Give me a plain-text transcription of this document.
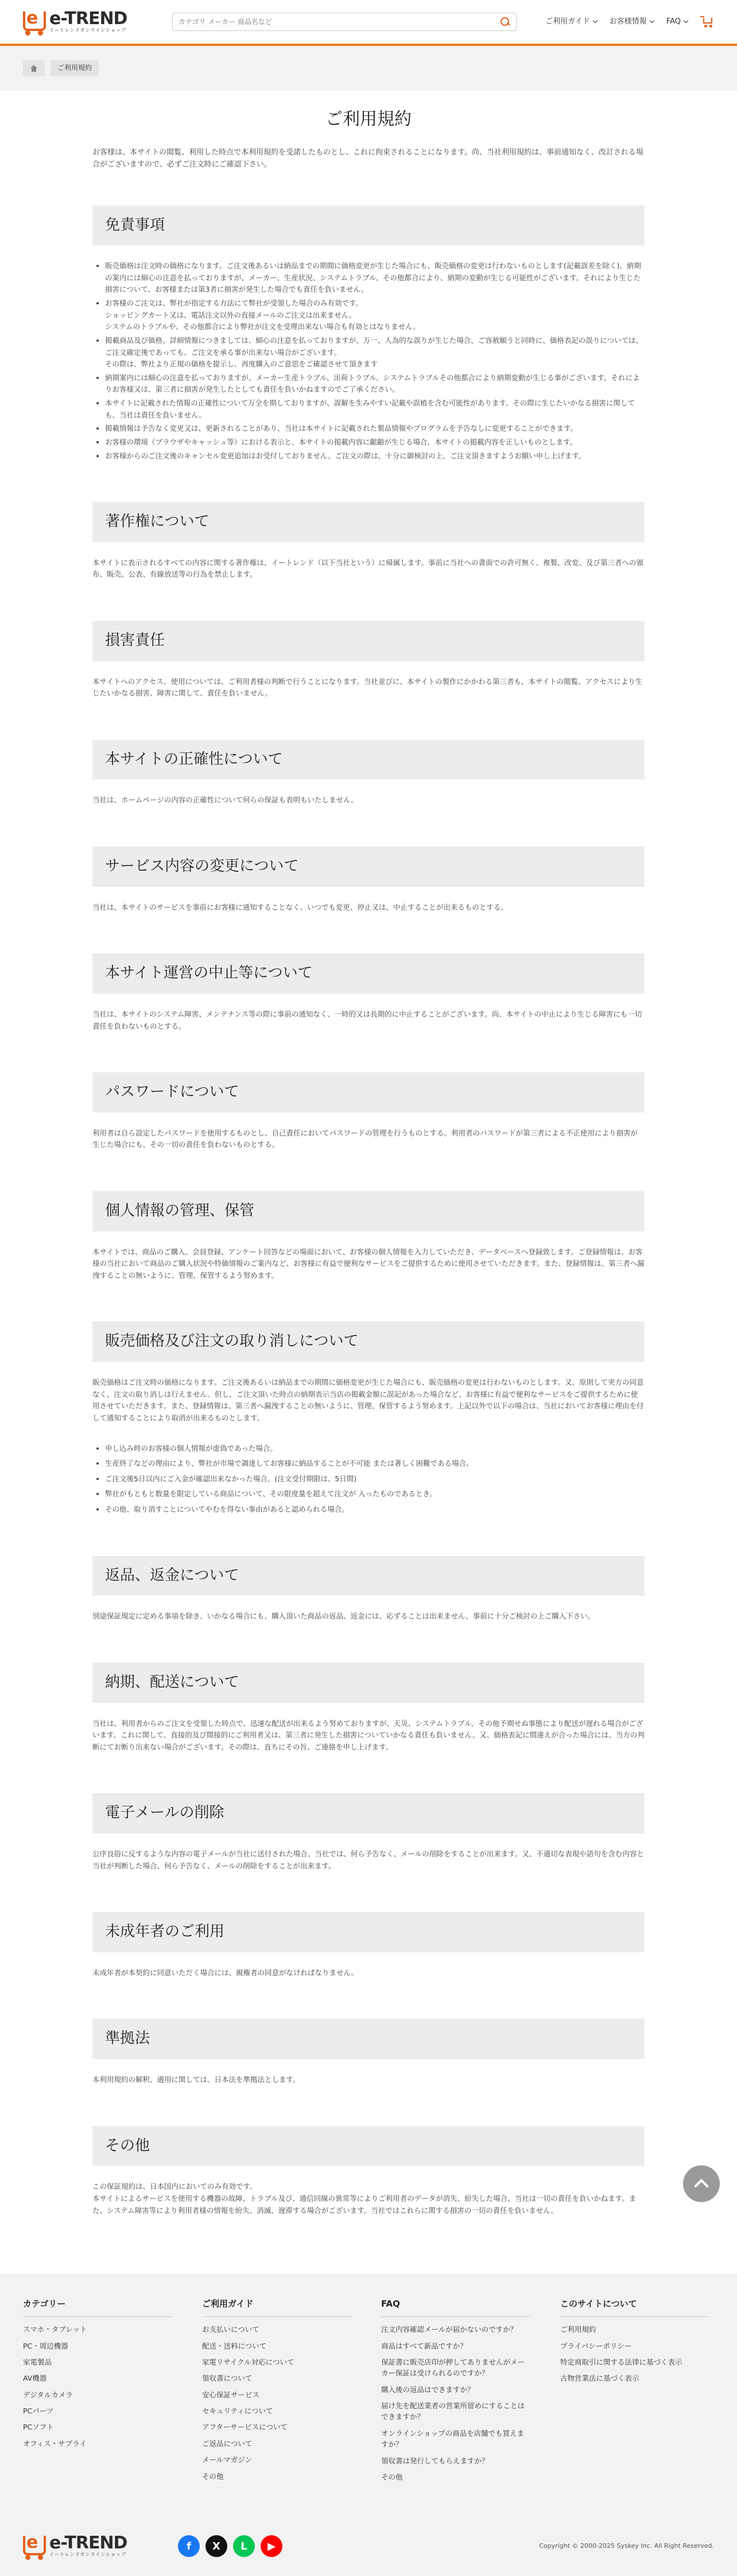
e e-TREND
イートレンドオンラインショップ
カテゴリ メーカー 商品名など
ご利用ガイド	お客様情報	FAQ
ご利用規約
ご利用規約

お客様は、本サイトの閲覧、利用した時点で本利用規約を受諾したものとし、これに拘束されることになります。尚、当社利用規約は、事前通知なく、改訂される場合がございますので、必ずご注文時にご確認下さい。

免責事項
• 販売価格は注文時の価格になります。ご注文後あるいは納品までの期間に価格変更が生じた場合にも、販売価格の変更は行わないものとします(記載誤差を除く)。納期の案内には細心の注意を払っておりますが、メーカー、生産状況、システムトラブル、その他都合により、納期の変動が生じる可能性がございます。それにより生じた損害について、お客様または第3者に損害が発生した場合でも責任を負いません。
• お客様のご注文は、弊社が指定する方法にて弊社が受領した場合のみ有効です。
ショッピングカート又は、電話注文以外の直接メールのご注文は出来ません。
システムのトラブルや、その他都合により弊社が注文を受理出来ない場合も有効とはなりません。
• 掲載商品及び価格、詳細情報につきましては、細心の注意を払っておりますが、万一、人為的な誤りが生じた場合、ご容赦願うと同時に、価格表記の誤りについては、ご注文確定後であっても、ご注文を承る事が出来ない場合がございます。
その際は、弊社より正規の価格を提示し、再度購入のご意思をご確認させて頂きます
• 納期案内には細心の注意を払っておりますが、メーカー生産トラブル、出荷トラブル、システムトラブルその他都合により納期変動が生じる事がございます。それによりお客様又は、第三者に損害が発生したとしても責任を負いかねますのでご了承ください。
• 本サイトに記載された情報の正確性について万全を期しておりますが、誤解を生みやすい記載や誤植を含む可能性があります。その際に生じたいかなる損害に関しても、当社は責任を負いません。
• 掲載情報は予告なく変更又は、更新されることがあり、当社は本サイトに記載された製品情報やプログラムを予告なしに変更することができます。
• お客様の環境（ブラウザやキャッシュ等）における表示と、本サイトの掲載内容に齟齬が生じる場合、本サイトの掲載内容を正しいものとします。
• お客様からのご注文後のキャンセル変更追加はお受付しておりません。ご注文の際は、十分に御検討の上、ご注文頂きますようお願い申し上げます。
著作権について

本サイトに表示されるすべての内容に関する著作権は、イートレンド（以下当社という）に帰属します。事前に当社への書面での許可無く、複製、改変、及び第三者への頒布、販売、公表、有線放送等の行為を禁止します。

損害責任

本サイトへのアクセス、使用については、ご利用者様の判断で行うことになります。当社並びに、本サイトの製作にかかわる第三者も、本サイトの閲覧、アクセスにより生じたいかなる損害、障害に関して、責任を負いません。

本サイトの正確性について

当社は、ホームページの内容の正確性について何らの保証も表明もいたしません。

サービス内容の変更について

当社は、本サイトのサービスを事前にお客様に通知することなく、いつでも変更、停止又は、中止することが出来るものとする。

本サイト運営の中止等について

当社は、本サイトのシステム障害、メンテナンス等の際に事前の通知なく、一時的又は長期的に中止することがございます。尚、本サイトの中止により生じる障害にも一切責任を負わないものとする。

パスワードについて

利用者は自ら設定したパスワードを使用するものとし、自己責任においてパスワードの管理を行うものとする。利用者のパスワードが第三者による不正使用により損害が生じた場合にも、その一切の責任を負わないものとする。

個人情報の管理、保管

本サイトでは、商品のご購入、会員登録、アンケート回答などの場面において、お客様の個人情報を入力していただき、データベースへ登録致します。ご登録情報は、お客様の当社において商品のご購入状況や特価情報のご案内など、お客様に有益で便利なサービスをご提供するために使用させていただきます。また、登録情報は、第三者へ漏洩することの無いように、管理、保管するよう努めます。

販売価格及び注文の取り消しについて

販売価格はご注文時の価格になります。ご注文後あるいは納品までの期間に価格変更が生じた場合にも、販売価格の変更は行わないものとします。又、原則して実方の同意なく、注文の取り消しは行えません。但し、ご注文頂いた時点の納期表示当店の掲載金額に誤記があった場合など、お客様に有益で便利なサービスをご提供するために使用させていただきます。また、登録情報は、第三者へ漏洩することの無いように、管理、保管するよう努めます。上記以外で以下の場合は、当社においてお客様に理由を付して通知することにより取消が出来るものとします。

• 申し込み時のお客様の個人情報が虚偽であった場合。
• 生産終了などの理由により、弊社が市場で調達してお客様に納品することが不可能 または著しく困難である場合。
• ご注文後5日以内にご入金が確認出来なかった場合。(注文受付期限は、5日間)
• 弊社がもともと数量を限定している商品について、その限度量を超えて注文が 入ったものであるとき。
• その他、取り消すことについてやむを得ない事由があると認められる場合。
返品、返金について

別途保証規定に定める事項を除き、いかなる場合にも、購入頂いた商品の返品、返金には、応ずることは出来ません。事前に十分ご検討の上ご購入下さい。

納期、配送について

当社は、利用者からのご注文を受領した時点で、迅速な配送が出来るよう努めておりますが、天災、システムトラブル、その他予期せぬ事態により配送が遅れる場合がございます。これに関して、直接的及び間接的にご利用者又は、第三者に発生した損害についていかなる責任も負いません。又、価格表記に間違えが合った場合には、当方の判断にてお断り出来ない場合がございます。その際は、直ちにその旨、ご連絡を申し上げます。

電子メールの削除

公序良俗に反するような内容の電子メールが当社に送付された場合、当社では、何ら予告なく、メールの削除をすることが出来ます。又、不適切な表現や語句を含む内容と当社が判断した場合、何ら予告なく、メールの削除をすることが出来ます。

未成年者のご利用

未成年者が本契約に同意いただく場合には、親権者の同意がなければなりません。

準拠法

本利用規約の解釈、適用に関しては、日本法を準拠法とします。

その他

この保証規約は、日本国内においてのみ有効です。
本サイトによるサービスを使用する機器の故障、トラブル及び、通信回線の異常等によりご利用者のデータが消失、紛失した場合、当社は一切の責任を負いかねます。また、システム障害等により利用者様の情報を紛失、消滅、遅滞する場合がございます。当社ではこれらに関する損害の一切の責任を負いません。

カテゴリー
スマホ・タブレット
PC・周辺機器
家電製品
AV機器
デジタルカメラ
PCパーツ
PCソフト
オフィス・サプライ
ご利用ガイド
お支払いについて
配送・送料について
家電リサイクル対応について
領収書について
安心保証サービス
セキュリティについて
アフターサービスについて
ご返品について
メールマガジン
その他
FAQ
注文内容確認メールが届かないのですか？
商品はすべて新品ですか？
保証書に販売店印が押してありませんがメーカー保証は受けられるのですか？
購入後の返品はできますか？
届け先を配送業者の営業所留めにすることはできますか？
オンラインショップの商品を店舗でも買えますか？
領収書は発行してもらえますか？
その他
このサイトについて
ご利用規約
プライバシーポリシー
特定商取引に関する法律に基づく表示
古物営業法に基づく表示
e e-TREND
イートレンドオンラインショップ
f	X	L	▶	Copyright © 2000-2025 Syskey Inc. All Right Reserved.
